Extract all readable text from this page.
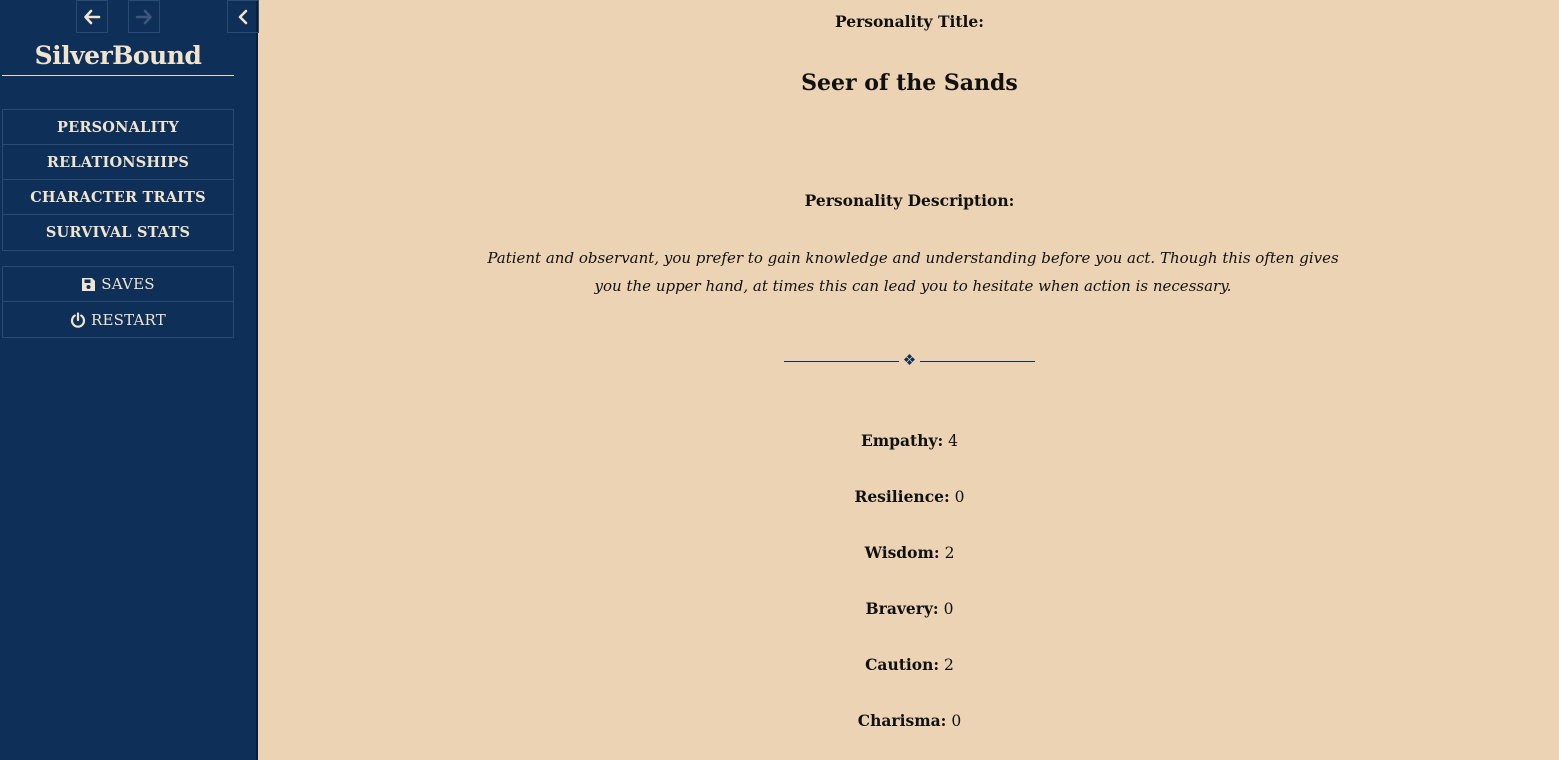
SilverBound
PERSONALITY
RELATIONSHIPS
CHARACTER TRAITS
SURVIVAL STATS
SAVES
RESTART
Personality Title:
Seer of the Sands
Personality Description:
Patient and observant, you prefer to gain knowledge and understanding before you act. Though this often gives you the upper hand, at times this can lead you to hesitate when action is necessary.
❖
Empathy: 4
Resilience: 0
Wisdom: 2
Bravery: 0
Caution: 2
Charisma: 0
